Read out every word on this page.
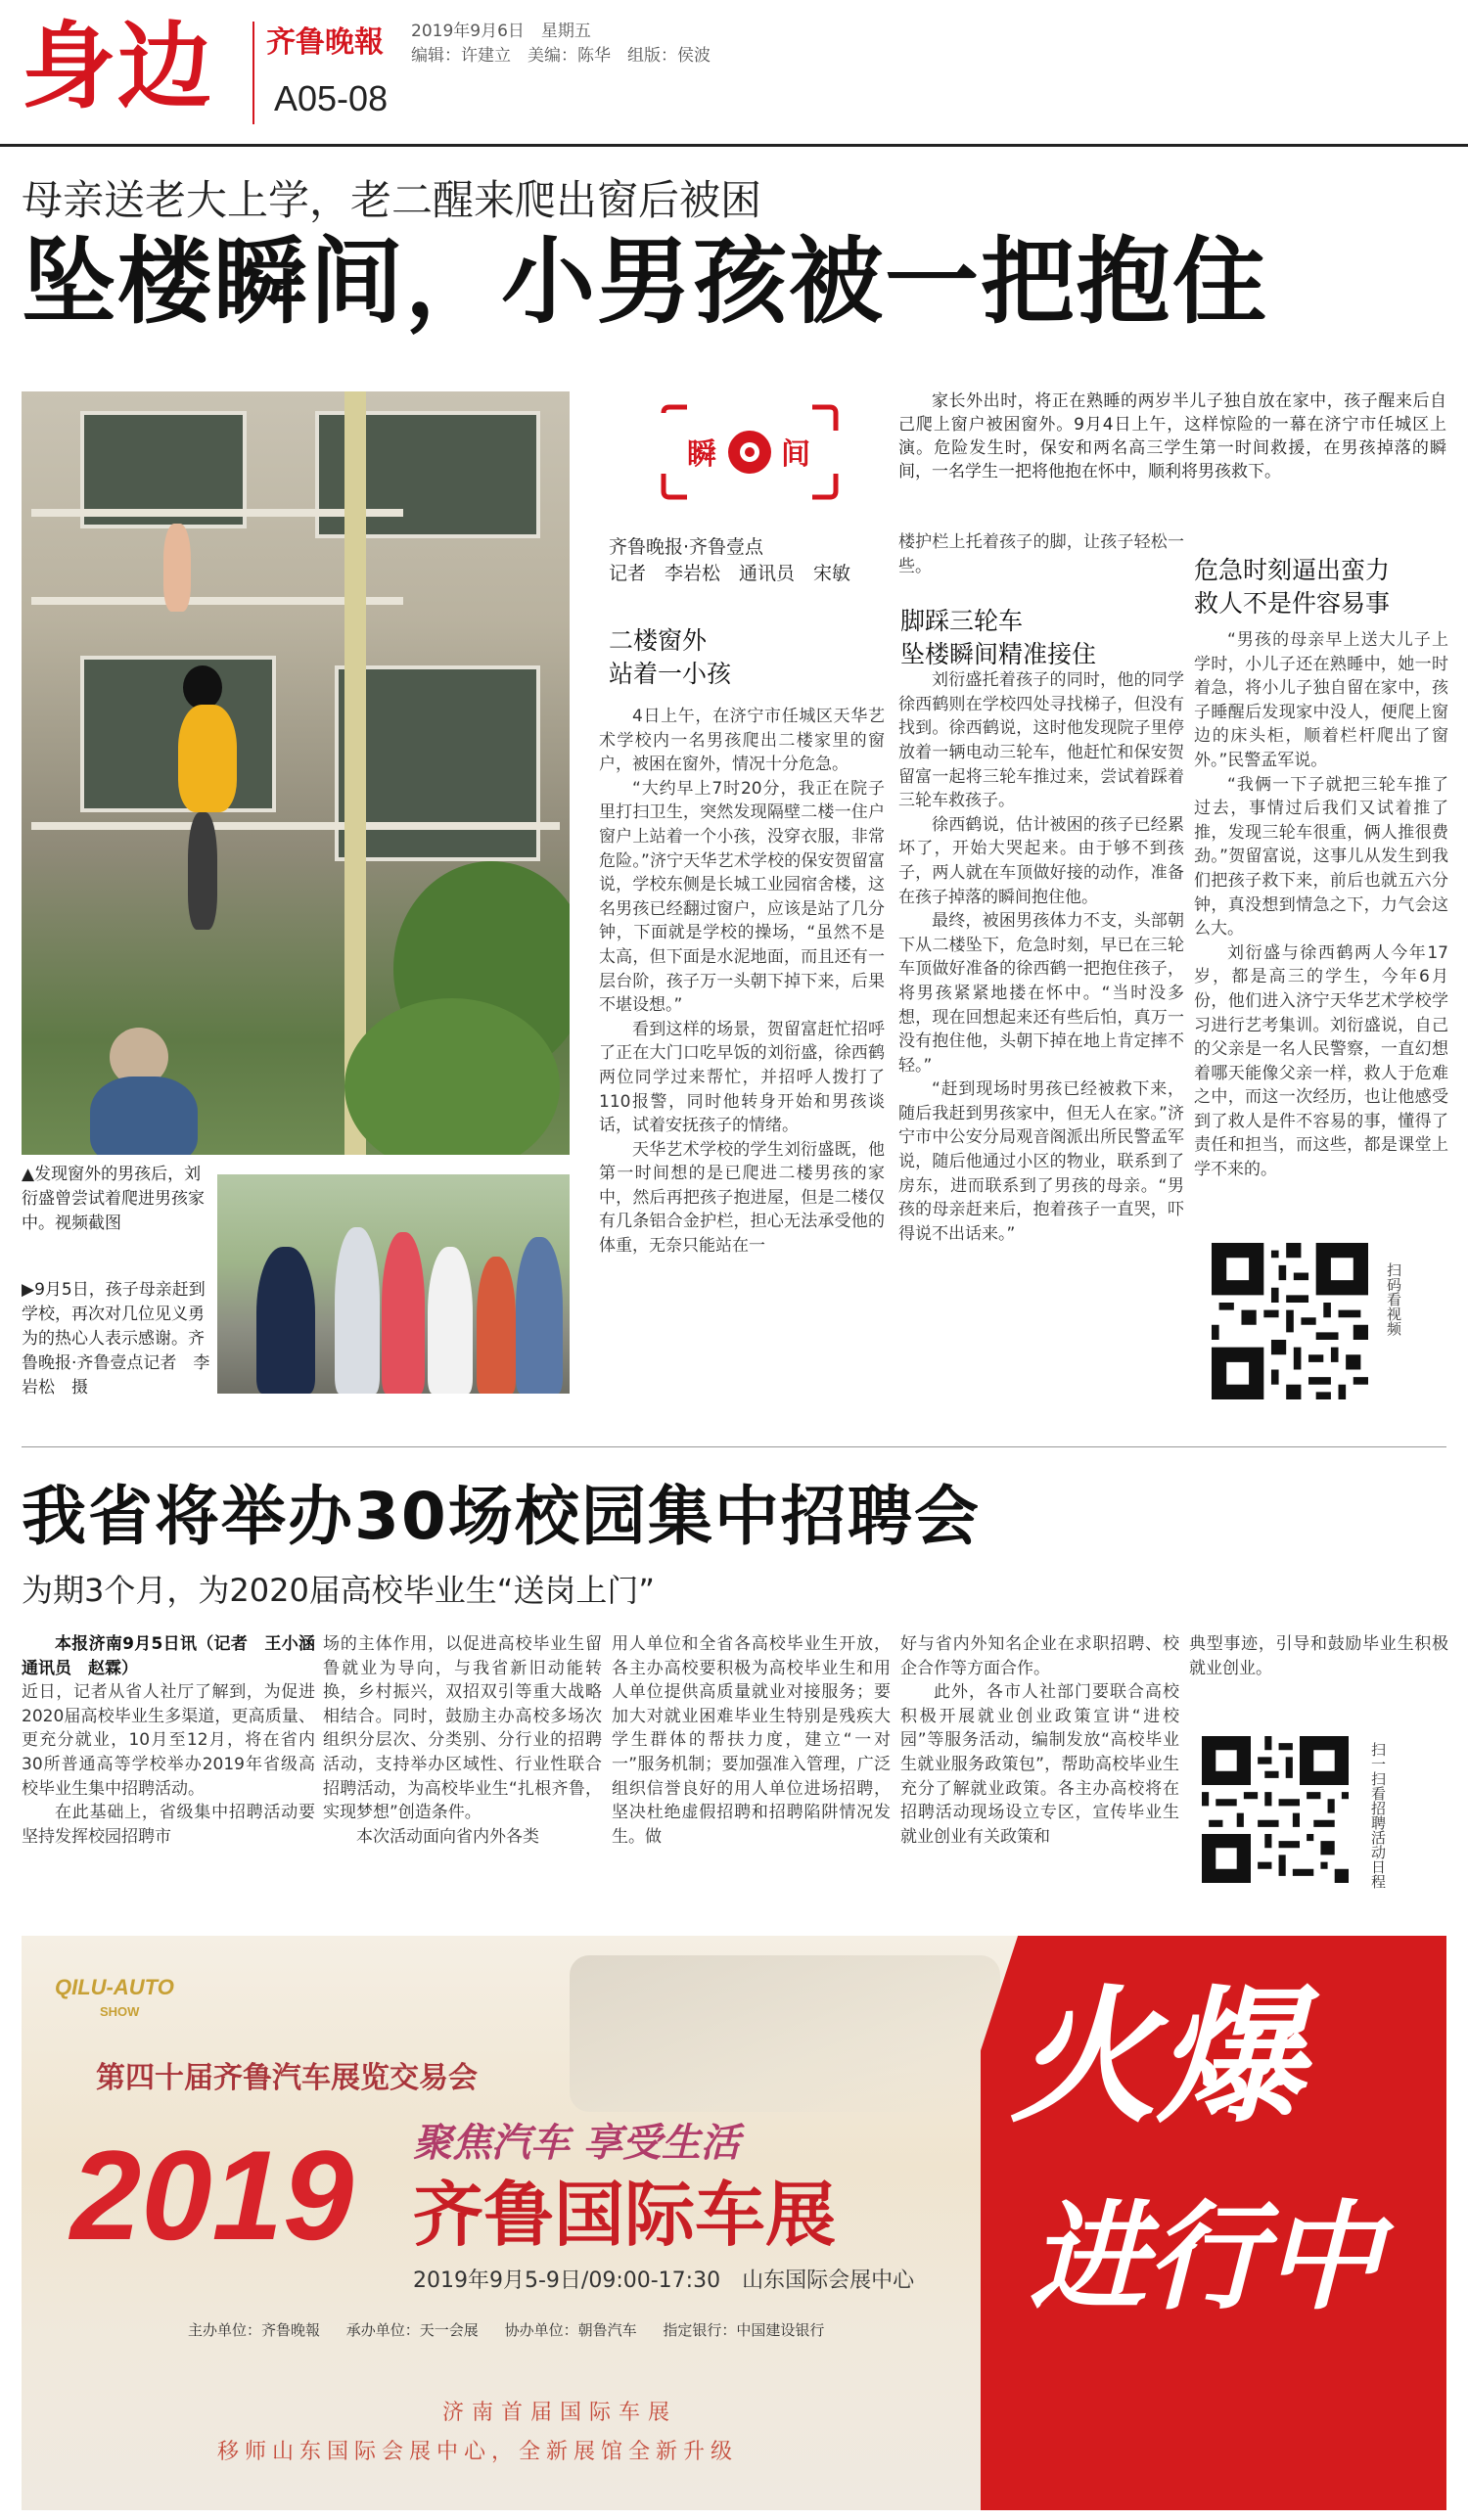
身边 齐鲁晚報 2019年9月6日　星期五
编辑：许建立　美编：陈华　组版：侯波
A05-08
母亲送老大上学，老二醒来爬出窗后被困
坠楼瞬间，小男孩被一把抱住
▲发现窗外的男孩后，刘衍盛曾尝试着爬进男孩家中。视频截图
▶9月5日，孩子母亲赶到学校，再次对几位见义勇为的热心人表示感谢。齐鲁晚报·齐鲁壹点记者　李岩松　摄
瞬 间
家长外出时，将正在熟睡的两岁半儿子独自放在家中，孩子醒来后自己爬上窗户被困窗外。9月4日上午，这样惊险的一幕在济宁市任城区上演。危险发生时，保安和两名高三学生第一时间救援，在男孩掉落的瞬间，一名学生一把将他抱在怀中，顺利将男孩救下。
齐鲁晚报·齐鲁壹点
记者　李岩松　通讯员　宋敏
二楼窗外
站着一小孩
脚踩三轮车
坠楼瞬间精准接住
危急时刻逼出蛮力
救人不是件容易事

4日上午，在济宁市任城区天华艺术学校内一名男孩爬出二楼家里的窗户，被困在窗外，情况十分危急。

“大约早上7时20分，我正在院子里打扫卫生，突然发现隔壁二楼一住户窗户上站着一个小孩，没穿衣服，非常危险。”济宁天华艺术学校的保安贺留富说，学校东侧是长城工业园宿舍楼，这名男孩已经翻过窗户，应该是站了几分钟，下面就是学校的操场，“虽然不是太高，但下面是水泥地面，而且还有一层台阶，孩子万一头朝下掉下来，后果不堪设想。”

看到这样的场景，贺留富赶忙招呼了正在大门口吃早饭的刘衍盛，徐西鹤两位同学过来帮忙，并招呼人拨打了110报警，同时他转身开始和男孩谈话，试着安抚孩子的情绪。

天华艺术学校的学生刘衍盛既，他第一时间想的是已爬进二楼男孩的家中，然后再把孩子抱进屋，但是二楼仅有几条铝合金护栏，担心无法承受他的体重，无奈只能站在一

楼护栏上托着孩子的脚，让孩子轻松一些。

刘衍盛托着孩子的同时，他的同学徐西鹤则在学校四处寻找梯子，但没有找到。徐西鹤说，这时他发现院子里停放着一辆电动三轮车，他赶忙和保安贺留富一起将三轮车推过来，尝试着踩着三轮车救孩子。

徐西鹤说，估计被困的孩子已经累坏了，开始大哭起来。由于够不到孩子，两人就在车顶做好接的动作，准备在孩子掉落的瞬间抱住他。

最终，被困男孩体力不支，头部朝下从二楼坠下，危急时刻，早已在三轮车顶做好准备的徐西鹤一把抱住孩子，将男孩紧紧地搂在怀中。“当时没多想，现在回想起来还有些后怕，真万一没有抱住他，头朝下掉在地上肯定摔不轻。”

“赶到现场时男孩已经被救下来，随后我赶到男孩家中，但无人在家。”济宁市中公安分局观音阁派出所民警孟军说，随后他通过小区的物业，联系到了房东，进而联系到了男孩的母亲。“男孩的母亲赶来后，抱着孩子一直哭，吓得说不出话来。”

“男孩的母亲早上送大儿子上学时，小儿子还在熟睡中，她一时着急，将小儿子独自留在家中，孩子睡醒后发现家中没人，便爬上窗边的床头柜，顺着栏杆爬出了窗外。”民警孟军说。

“我俩一下子就把三轮车推了过去，事情过后我们又试着推了推，发现三轮车很重，俩人推很费劲。”贺留富说，这事儿从发生到我们把孩子救下来，前后也就五六分钟，真没想到情急之下，力气会这么大。

刘衍盛与徐西鹤两人今年17岁，都是高三的学生，今年6月份，他们进入济宁天华艺术学校学习进行艺考集训。刘衍盛说，自己的父亲是一名人民警察，一直幻想着哪天能像父亲一样，救人于危难之中，而这一次经历，也让他感受到了救人是件不容易的事，懂得了责任和担当，而这些，都是课堂上学不来的。

扫码看视频
我省将举办30场校园集中招聘会
为期3个月，为2020届高校毕业生“送岗上门”

本报济南9月5日讯（记者　王小涵　通讯员　赵霖）

近日，记者从省人社厅了解到，为促进2020届高校毕业生多渠道，更高质量、更充分就业，10月至12月，将在省内30所普通高等学校举办2019年省级高校毕业生集中招聘活动。

在此基础上，省级集中招聘活动要坚持发挥校园招聘市

场的主体作用，以促进高校毕业生留鲁就业为导向，与我省新旧动能转换，乡村振兴，双招双引等重大战略相结合。同时，鼓励主办高校多场次组织分层次、分类别、分行业的招聘活动，支持举办区域性、行业性联合招聘活动，为高校毕业生“扎根齐鲁，实现梦想”创造条件。

本次活动面向省内外各类

用人单位和全省各高校毕业生开放，各主办高校要积极为高校毕业生和用人单位提供高质量就业对接服务；要加大对就业困难毕业生特别是残疾大学生群体的帮扶力度，建立“一对一”服务机制；要加强准入管理，广泛组织信誉良好的用人单位进场招聘，坚决杜绝虚假招聘和招聘陷阱情况发生。做

好与省内外知名企业在求职招聘、校企合作等方面合作。

此外，各市人社部门要联合高校积极开展就业创业政策宣讲“进校园”等服务活动，编制发放“高校毕业生就业服务政策包”，帮助高校毕业生充分了解就业政策。各主办高校将在招聘活动现场设立专区，宣传毕业生就业创业有关政策和

典型事迹，引导和鼓励毕业生积极就业创业。

扫一扫看招聘活动日程
QILU-AUTO
SHOW
第四十届齐鲁汽车展览交易会
2019 聚焦汽车 享受生活
齐鲁国际车展
2019年9月5-9日/09:00-17:30　山东国际会展中心
主办单位：齐鲁晚報 承办单位：天一会展 协办单位：朝鲁汽车 指定银行：中国建设银行
济南首届国际车展
移师山东国际会展中心，全新展馆全新升级
火爆
进行中
